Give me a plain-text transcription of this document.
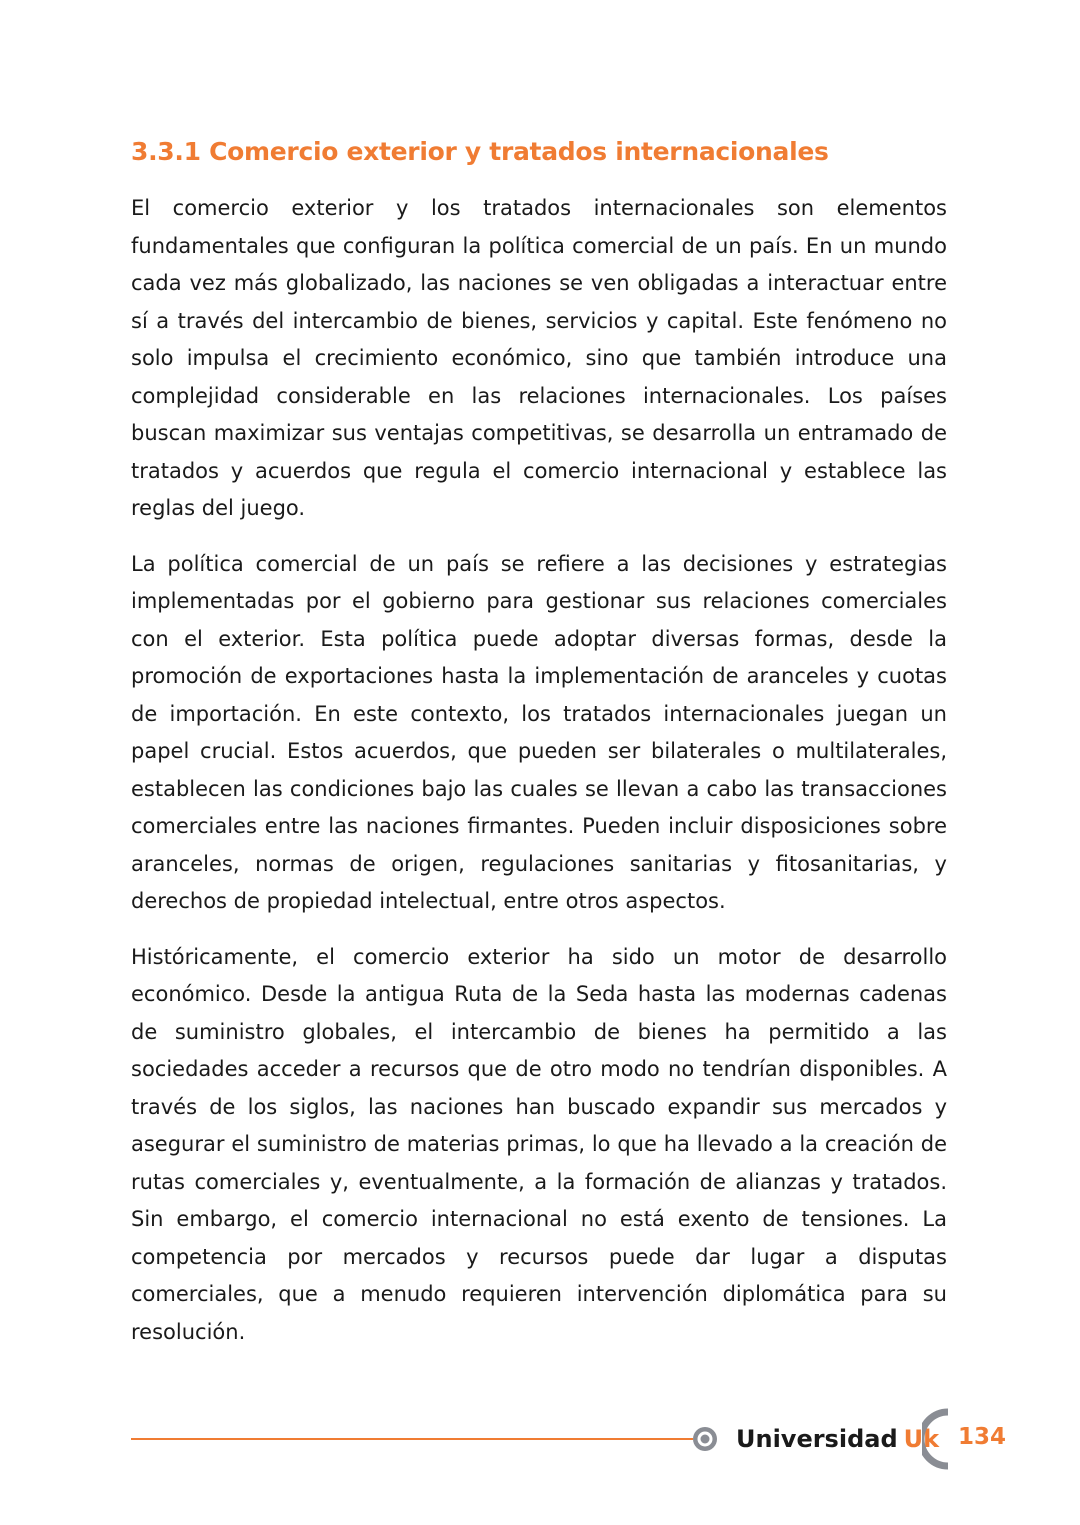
3.3.1 Comercio exterior y tratados internacionales

El comercio exterior y los tratados internacionales son elementos fundamentales que configuran la política comercial de un país. En un mundo cada vez más globalizado, las naciones se ven obligadas a interactuar entre sí a través del intercambio de bienes, servicios y capital. Este fenómeno no solo impulsa el crecimiento económico, sino que también introduce una complejidad considerable en las relaciones internacionales. Los países buscan maximizar sus ventajas competitivas, se desarrolla un entramado de tratados y acuerdos que regula el comercio internacional y establece las reglas del juego.

La política comercial de un país se refiere a las decisiones y estrategias implementadas por el gobierno para gestionar sus relaciones comerciales con el exterior. Esta política puede adoptar diversas formas, desde la promoción de exportaciones hasta la implementación de aranceles y cuotas de importación. En este contexto, los tratados internacionales juegan un papel crucial. Estos acuerdos, que pueden ser bilaterales o multilaterales, establecen las condiciones bajo las cuales se llevan a cabo las transacciones comerciales entre las naciones firmantes. Pueden incluir disposiciones sobre aranceles, normas de origen, regulaciones sanitarias y fitosanitarias, y derechos de propiedad intelectual, entre otros aspectos.

Históricamente, el comercio exterior ha sido un motor de desarrollo económico. Desde la antigua Ruta de la Seda hasta las modernas cadenas de suministro globales, el intercambio de bienes ha permitido a las sociedades acceder a recursos que de otro modo no tendrían disponibles. A través de los siglos, las naciones han buscado expandir sus mercados y asegurar el suministro de materias primas, lo que ha llevado a la creación de rutas comerciales y, eventualmente, a la formación de alianzas y tratados. Sin embargo, el comercio internacional no está exento de tensiones. La competencia por mercados y recursos puede dar lugar a disputas comerciales, que a menudo requieren intervención diplomática para su resolución.

Universidad Uk 134
